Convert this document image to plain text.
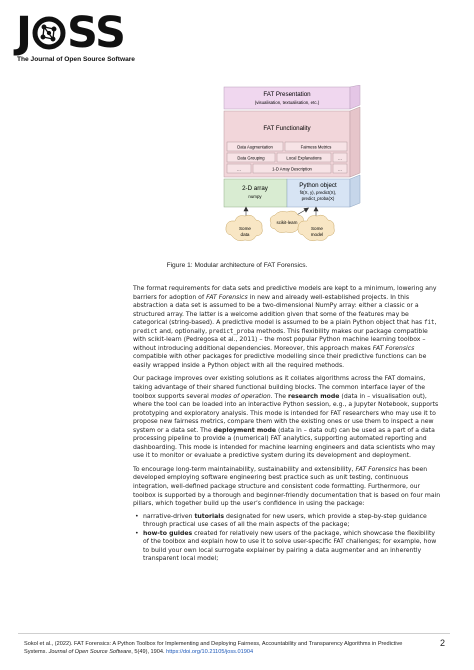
J SS
The Journal of Open Source Software
FAT Presentation
(visualisation, textualisation, etc.)
FAT Functionality
Data Augmentation	Fairness Metrics
Data Grouping	Local Explanations	...
...	1-D Array Description	...
2-D array
numpy
Python object
fit(X, y), predict(X),
predict_proba(X)
Some
data
scikit-learn
Some
model
Figure 1: Modular architecture of FAT Forensics.

The format requirements for data sets and predictive models are kept to a minimum, lowering any barriers for adoption of FAT Forensics in new and already well-established projects. In this abstraction a data set is assumed to be a two-dimensional NumPy array: either a classic or a structured array. The latter is a welcome addition given that some of the features may be categorical (string-based). A predictive model is assumed to be a plain Python object that has fit, predict and, optionally, predict_proba methods. This flexibility makes our package compatible with scikit-learn (Pedregosa et al., 2011) – the most popular Python machine learning toolbox – without introducing additional dependencies. Moreover, this approach makes FAT Forensics compatible with other packages for predictive modelling since their predictive functions can be easily wrapped inside a Python object with all the required methods.

Our package improves over existing solutions as it collates algorithms across the FAT domains, taking advantage of their shared functional building blocks. The common interface layer of the toolbox supports several modes of operation. The research mode (data in – visualisation out), where the tool can be loaded into an interactive Python session, e.g., a Jupyter Notebook, supports prototyping and exploratory analysis. This mode is intended for FAT researchers who may use it to propose new fairness metrics, compare them with the existing ones or use them to inspect a new system or a data set. The deployment mode (data in – data out) can be used as a part of a data processing pipeline to provide a (numerical) FAT analytics, supporting automated reporting and dashboarding. This mode is intended for machine learning engineers and data scientists who may use it to monitor or evaluate a predictive system during its development and deployment.

To encourage long-term maintainability, sustainability and extensibility, FAT Forensics has been developed employing software engineering best practice such as unit testing, continuous integration, well-defined package structure and consistent code formatting. Furthermore, our toolbox is supported by a thorough and beginner-friendly documentation that is based on four main pillars, which together build up the user’s confidence in using the package:

• narrative-driven tutorials designated for new users, which provide a step-by-step guidance through practical use cases of all the main aspects of the package;
• how-to guides created for relatively new users of the package, which showcase the flexibility of the toolbox and explain how to use it to solve user-specific FAT challenges; for example, how to build your own local surrogate explainer by pairing a data augmenter and an inherently transparent local model;
Sokol et al., (2022). FAT Forensics: A Python Toolbox for Implementing and Deploying Fairness, Accountability and Transparency Algorithms in Predictive Systems. Journal of Open Source Software, 5(49), 1904. https://doi.org/10.21105/joss.01904
2
